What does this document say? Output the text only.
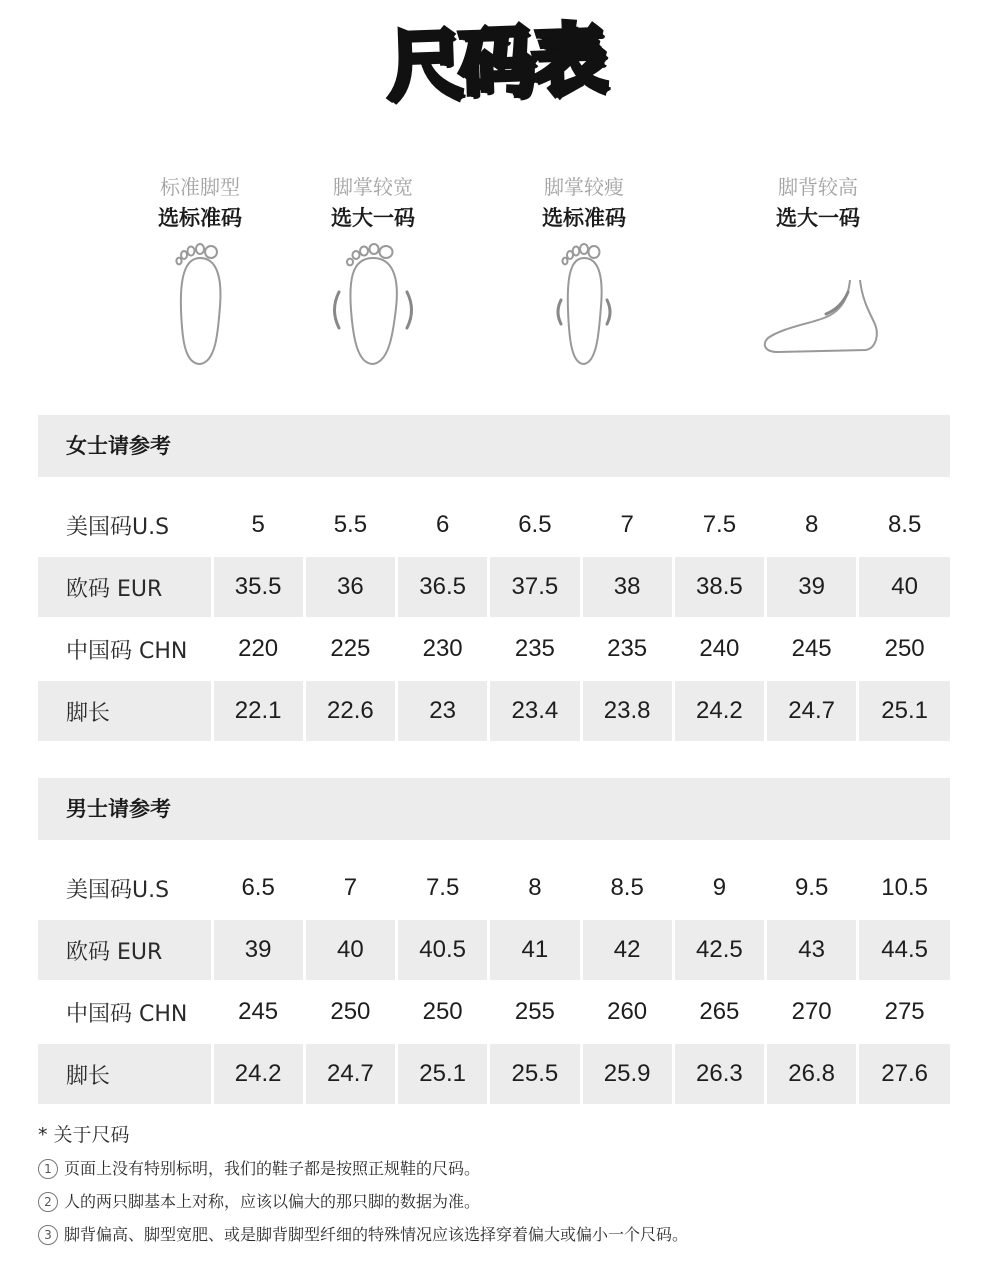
尺码表
标准脚型
选标准码
脚掌较宽
选大一码
脚掌较瘦
选标准码
脚背较高
选大一码
女士请参考
美国码U.S	5	5.5	6	6.5	7	7.5	8	8.5
欧码 EUR	35.5	36	36.5	37.5	38	38.5	39	40
中国码 CHN	220	225	230	235	235	240	245	250
脚长	22.1	22.6	23	23.4	23.8	24.2	24.7	25.1
男士请参考
美国码U.S	6.5	7	7.5	8	8.5	9	9.5	10.5
欧码 EUR	39	40	40.5	41	42	42.5	43	44.5
中国码 CHN	245	250	250	255	260	265	270	275
脚长	24.2	24.7	25.1	25.5	25.9	26.3	26.8	27.6
* 关于尺码
1 页面上没有特别标明，我们的鞋子都是按照正规鞋的尺码。
2 人的两只脚基本上对称，应该以偏大的那只脚的数据为准。
3 脚背偏高、脚型宽肥、或是脚背脚型纤细的特殊情况应该选择穿着偏大或偏小一个尺码。
